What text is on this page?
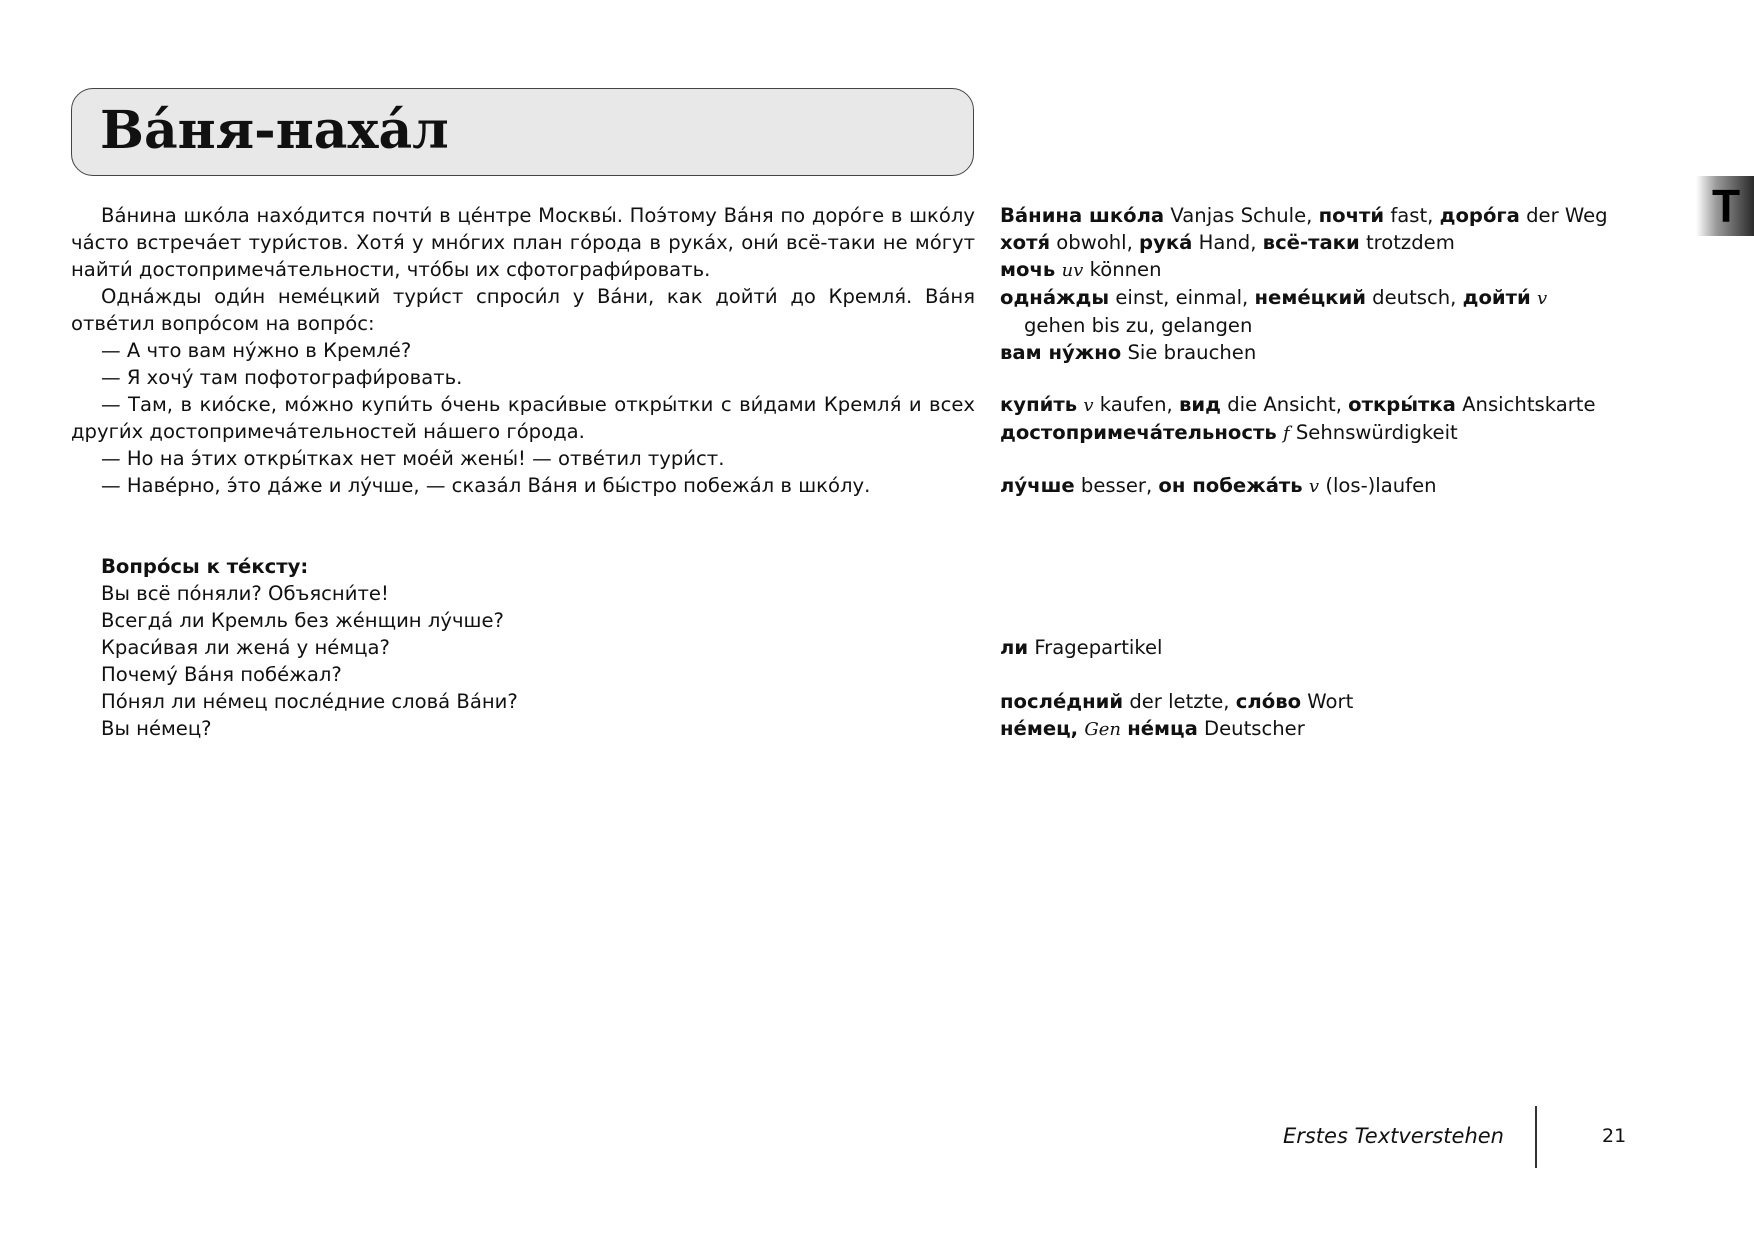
Ва́ня-наха́л
T

Ва́нина шко́ла нахо́дится почти́ в це́нтре Москвы́. Поэ́тому Ва́ня по доро́ге в шко́лу ча́сто встреча́ет тури́стов. Хотя́ у мно́гих план го́рода в рука́х, они́ всё-таки не мо́гут найти́ достопримеча́тельности, что́бы их сфотографи́ровать.

Одна́жды оди́н неме́цкий тури́ст спроси́л у Ва́ни, как дойти́ до Кремля́. Ва́ня отве́тил вопро́сом на вопро́с:

— А что вам ну́жно в Кремле́?
— Я хочу́ там пофотографи́ровать.

— Там, в кио́ске, мо́жно купи́ть о́чень краси́вые откры́тки с ви́дами Кремля́ и всех други́х достопримеча́тельностей на́шего го́рода.

— Но на э́тих откры́тках нет моéй жены́! — отве́тил тури́ст.
— Наве́рно, э́то да́же и лу́чше, — сказа́л Ва́ня и бы́стро побежа́л в шко́лу.
Вопро́сы к те́ксту:
Вы всё по́няли? Объясни́те!
Всегда́ ли Кремль без же́нщин лу́чше?
Краси́вая ли жена́ у не́мца?
Почему́ Ва́ня побе́жал?
По́нял ли не́мец после́дние слова́ Ва́ни?
Вы не́мец?
Ва́нина шко́ла Vanjas Schule, почти́ fast, доро́га der Weg
хотя́ obwohl, рука́ Hand, всё-таки trotzdem
мочь uv können
одна́жды einst, einmal, неме́цкий deutsch, дойти́ v
gehen bis zu, gelangen
вам ну́жно Sie brauchen
купи́ть v kaufen, вид die Ansicht, откры́тка Ansichtskarte
достопримеча́тельность f Sehnswürdigkeit
лу́чше besser, он побежа́ть v (los-)laufen
ли Fragepartikel
после́дний der letzte, сло́во Wort
не́мец, Gen не́мца Deutscher
Erstes Textverstehen	21
